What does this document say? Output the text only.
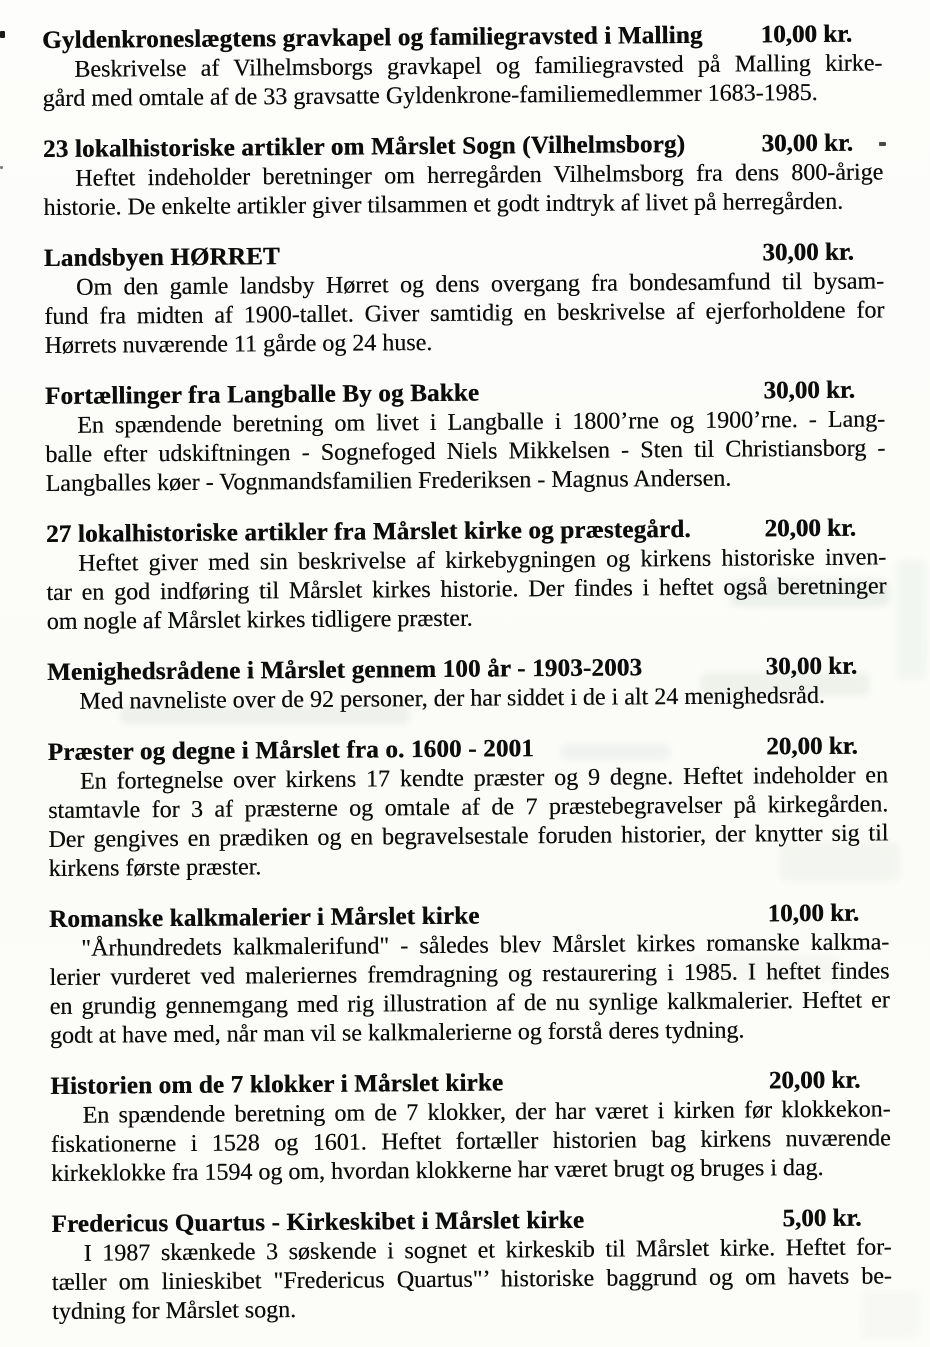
Gyldenkroneslægtens gravkapel og familiegravsted i Malling 10,00 kr.

Beskrivelse af Vilhelmsborgs gravkapel og familiegravsted på Malling kirke-
gård med omtale af de 33 gravsatte Gyldenkrone-familiemedlemmer 1683-1985.

23 lokalhistoriske artikler om Mårslet Sogn (Vilhelmsborg)	30,00 kr.

Heftet indeholder beretninger om herregården Vilhelmsborg fra dens 800-årige
historie. De enkelte artikler giver tilsammen et godt indtryk af livet på herregården.

Landsbyen HØRRET	30,00 kr.

Om den gamle landsby Hørret og dens overgang fra bondesamfund til bysam-
fund fra midten af 1900-tallet. Giver samtidig en beskrivelse af ejerforholdene for
Hørrets nuværende 11 gårde og 24 huse.

Fortællinger fra Langballe By og Bakke	30,00 kr.

En spændende beretning om livet i Langballe i 1800’rne og 1900’rne. - Lang-
balle efter udskiftningen - Sognefoged Niels Mikkelsen - Sten til Christiansborg -
Langballes køer - Vognmandsfamilien Frederiksen - Magnus Andersen.

27 lokalhistoriske artikler fra Mårslet kirke og præstegård.	20,00 kr.

Heftet giver med sin beskrivelse af kirkebygningen og kirkens historiske inven-
tar en god indføring til Mårslet kirkes historie. Der findes i heftet også beretninger
om nogle af Mårslet kirkes tidligere præster.

Menighedsrådene i Mårslet gennem 100 år - 1903-2003	30,00 kr.

Med navneliste over de 92 personer, der har siddet i de i alt 24 menighedsråd.

Præster og degne i Mårslet fra o. 1600 - 2001	20,00 kr.

En fortegnelse over kirkens 17 kendte præster og 9 degne. Heftet indeholder en
stamtavle for 3 af præsterne og omtale af de 7 præstebegravelser på kirkegården.
Der gengives en prædiken og en begravelsestale foruden historier, der knytter sig til
kirkens første præster.

Romanske kalkmalerier i Mårslet kirke	10,00 kr.

"Århundredets kalkmalerifund" - således blev Mårslet kirkes romanske kalkma-
lerier vurderet ved maleriernes fremdragning og restaurering i 1985. I heftet findes
en grundig gennemgang med rig illustration af de nu synlige kalkmalerier. Heftet er
godt at have med, når man vil se kalkmalerierne og forstå deres tydning.

Historien om de 7 klokker i Mårslet kirke	20,00 kr.

En spændende beretning om de 7 klokker, der har været i kirken før klokkekon-
fiskationerne i 1528 og 1601. Heftet fortæller historien bag kirkens nuværende
kirkeklokke fra 1594 og om, hvordan klokkerne har været brugt og bruges i dag.

Fredericus Quartus - Kirkeskibet i Mårslet kirke	5,00 kr.

I 1987 skænkede 3 søskende i sognet et kirkeskib til Mårslet kirke. Heftet for-
tæller om linieskibet "Fredericus Quartus"’ historiske baggrund og om havets be-
tydning for Mårslet sogn.
